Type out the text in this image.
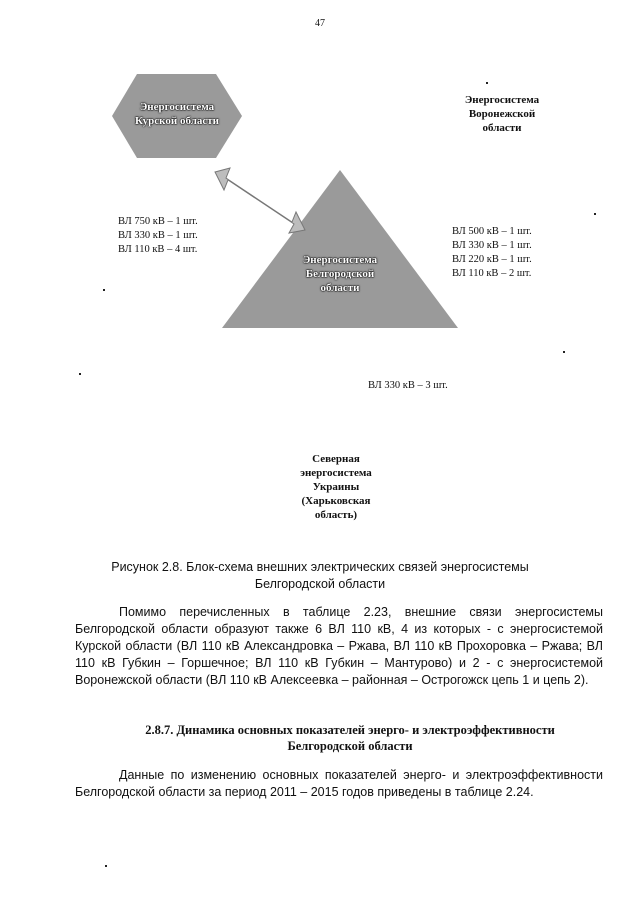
47
Энергосистема
Курской области
Энергосистема
Воронежской
области
Энергосистема
Белгородской
области
Северная
энергосистема
Украины
(Харьковская
область)
ВЛ 750 кВ – 1 шт.
ВЛ 330 кВ – 1 шт.
ВЛ 110 кВ – 4 шт.
ВЛ 500 кВ – 1 шт.
ВЛ 330 кВ – 1 шт.
ВЛ 220 кВ – 1 шт.
ВЛ 110 кВ – 2 шт.
ВЛ 330 кВ – 3 шт.
Рисунок 2.8. Блок-схема внешних электрических связей энергосистемы
Белгородской области
Помимо перечисленных в таблице 2.23, внешние связи энергосистемы Белгородской области образуют также 6 ВЛ 110 кВ, 4 из которых - с энергосистемой Курской области (ВЛ 110 кВ Александровка – Ржава, ВЛ 110 кВ Прохоровка – Ржава; ВЛ 110 кВ Губкин – Горшечное; ВЛ 110 кВ Губкин – Мантурово) и 2 - с энергосистемой Воронежской области (ВЛ 110 кВ Алексеевка – районная – Острогожск цепь 1 и цепь 2).
2.8.7. Динамика основных показателей энерго- и электроэффективности
Белгородской области
Данные по изменению основных показателей энерго- и электроэффективности Белгородской области за период 2011 – 2015 годов приведены в таблице 2.24.
